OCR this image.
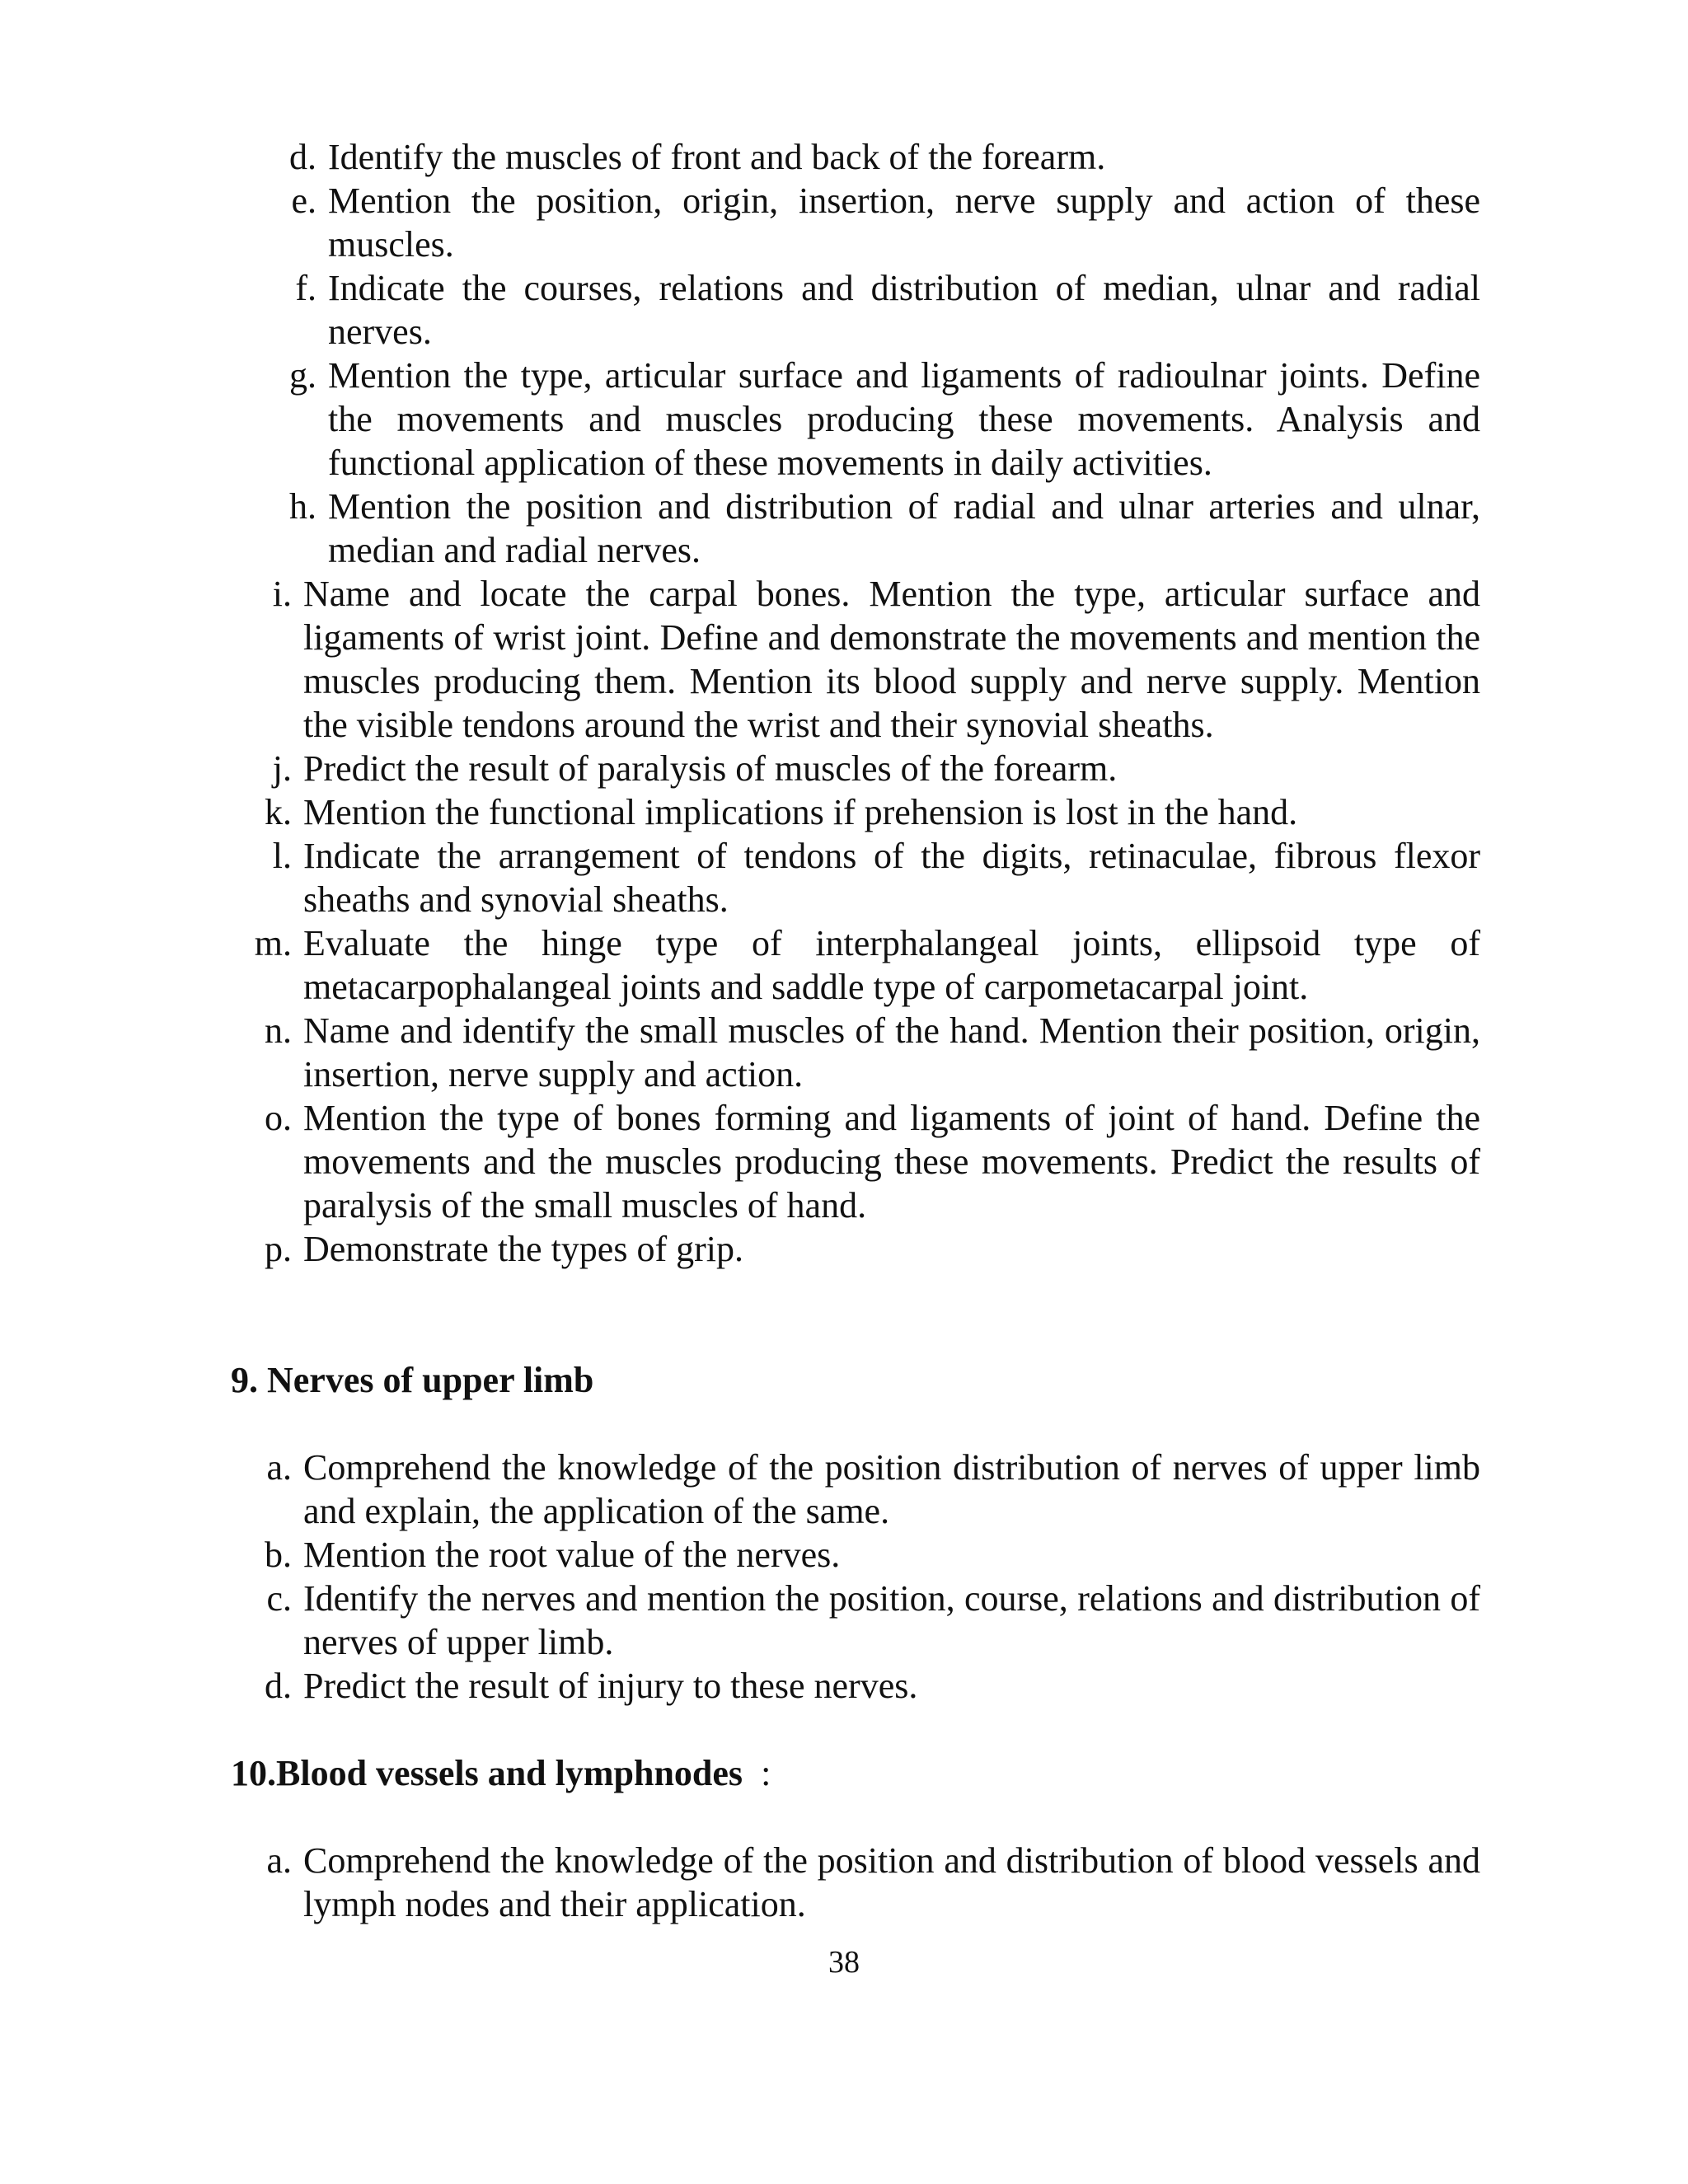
d. Identify the muscles of front and back of the forearm.
e. Mention the position, origin, insertion, nerve supply and action of these muscles.
f. Indicate the courses, relations and distribution of median, ulnar and radial nerves.
g. Mention the type, articular surface and ligaments of radioulnar joints. Define the movements and muscles producing these movements. Analysis and functional application of these movements in daily activities.
h. Mention the position and distribution of radial and ulnar arteries and ulnar, median and radial nerves.
i. Name and locate the carpal bones. Mention the type, articular surface and ligaments of wrist joint. Define and demonstrate the movements and mention the muscles producing them. Mention its blood supply and nerve supply. Mention the visible tendons around the wrist and their synovial sheaths.
j. Predict the result of paralysis of muscles of the forearm.
k. Mention the functional implications if prehension is lost in the hand.
l. Indicate the arrangement of tendons of the digits, retinaculae, fibrous flexor sheaths and synovial sheaths.
m. Evaluate the hinge type of interphalangeal joints, ellipsoid type of metacarpophalangeal joints and saddle type of carpometacarpal joint.
n. Name and identify the small muscles of the hand. Mention their position, origin, insertion, nerve supply and action.
o. Mention the type of bones forming and ligaments of joint of hand. Define the movements and the muscles producing these movements. Predict the results of paralysis of the small muscles of hand.
p. Demonstrate the types of grip.
9. Nerves of upper limb
a. Comprehend the knowledge of the position distribution of nerves of upper limb and explain, the application of the same.
b. Mention the root value of the nerves.
c. Identify the nerves and mention the position, course, relations and distribution of nerves of upper limb.
d. Predict the result of injury to these nerves.
10.Blood vessels and lymphnodes :
a. Comprehend the knowledge of the position and distribution of blood vessels and lymph nodes and their application.
38
